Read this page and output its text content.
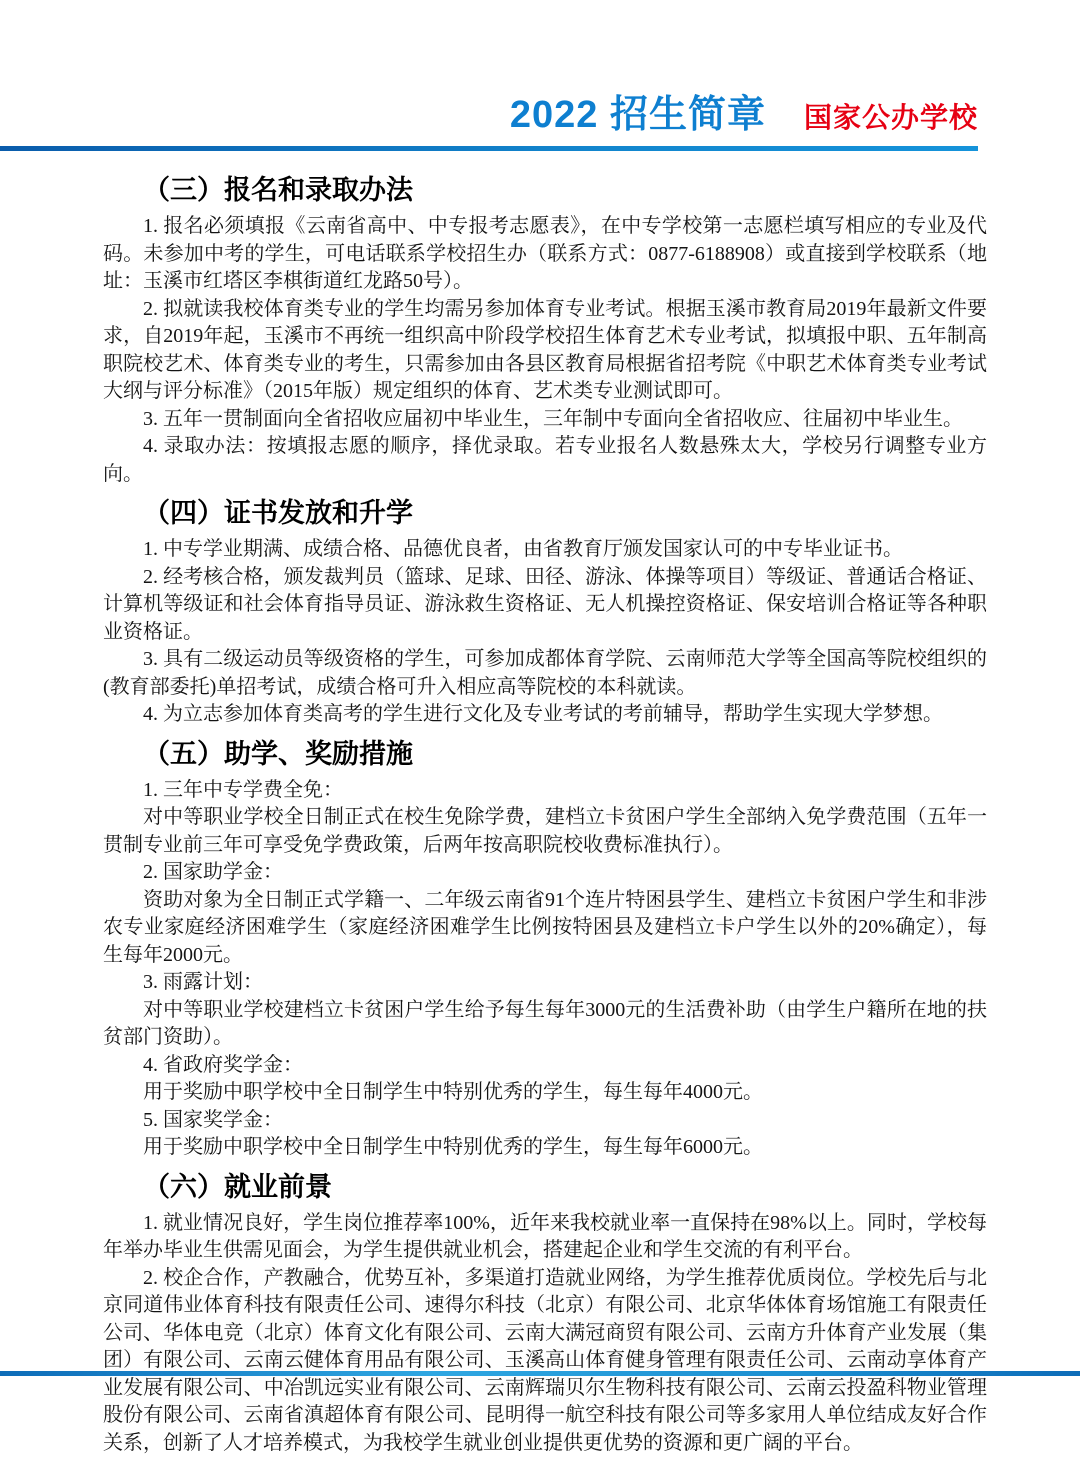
2022 招生简章 国家公办学校
（三）报名和录取办法

1. 报名必须填报《云南省高中、中专报考志愿表》，在中专学校第一志愿栏填写相应的专业及代码。未参加中考的学生，可电话联系学校招生办（联系方式：0877-6188908）或直接到学校联系（地址：玉溪市红塔区李棋街道红龙路50号）。

2. 拟就读我校体育类专业的学生均需另参加体育专业考试。根据玉溪市教育局2019年最新文件要求，自2019年起，玉溪市不再统一组织高中阶段学校招生体育艺术专业考试，拟填报中职、五年制高职院校艺术、体育类专业的考生，只需参加由各县区教育局根据省招考院《中职艺术体育类专业考试大纲与评分标准》（2015年版）规定组织的体育、艺术类专业测试即可。

3. 五年一贯制面向全省招收应届初中毕业生，三年制中专面向全省招收应、往届初中毕业生。

4. 录取办法：按填报志愿的顺序，择优录取。若专业报名人数悬殊太大，学校另行调整专业方向。

（四）证书发放和升学

1. 中专学业期满、成绩合格、品德优良者，由省教育厅颁发国家认可的中专毕业证书。

2. 经考核合格，颁发裁判员（篮球、足球、田径、游泳、体操等项目）等级证、普通话合格证、计算机等级证和社会体育指导员证、游泳救生资格证、无人机操控资格证、保安培训合格证等各种职业资格证。

3. 具有二级运动员等级资格的学生，可参加成都体育学院、云南师范大学等全国高等院校组织的(教育部委托)单招考试，成绩合格可升入相应高等院校的本科就读。

4. 为立志参加体育类高考的学生进行文化及专业考试的考前辅导，帮助学生实现大学梦想。

（五）助学、奖励措施

1. 三年中专学费全免：

对中等职业学校全日制正式在校生免除学费，建档立卡贫困户学生全部纳入免学费范围（五年一贯制专业前三年可享受免学费政策，后两年按高职院校收费标准执行）。

2. 国家助学金：

资助对象为全日制正式学籍一、二年级云南省91个连片特困县学生、建档立卡贫困户学生和非涉农专业家庭经济困难学生（家庭经济困难学生比例按特困县及建档立卡户学生以外的20%确定），每生每年2000元。

3. 雨露计划：

对中等职业学校建档立卡贫困户学生给予每生每年3000元的生活费补助（由学生户籍所在地的扶贫部门资助）。

4. 省政府奖学金：

用于奖励中职学校中全日制学生中特别优秀的学生，每生每年4000元。

5. 国家奖学金：

用于奖励中职学校中全日制学生中特别优秀的学生，每生每年6000元。

（六）就业前景

1. 就业情况良好，学生岗位推荐率100%，近年来我校就业率一直保持在98%以上。同时，学校每年举办毕业生供需见面会，为学生提供就业机会，搭建起企业和学生交流的有利平台。

2. 校企合作，产教融合，优势互补，多渠道打造就业网络，为学生推荐优质岗位。学校先后与北京同道伟业体育科技有限责任公司、速得尔科技（北京）有限公司、北京华体体育场馆施工有限责任公司、华体电竞（北京）体育文化有限公司、云南大满冠商贸有限公司、云南方升体育产业发展（集团）有限公司、云南云健体育用品有限公司、玉溪高山体育健身管理有限责任公司、云南动享体育产业发展有限公司、中冶凯远实业有限公司、云南辉瑞贝尔生物科技有限公司、云南云投盈科物业管理股份有限公司、云南省滇超体育有限公司、昆明得一航空科技有限公司等多家用人单位结成友好合作关系，创新了人才培养模式，为我校学生就业创业提供更优势的资源和更广阔的平台。
